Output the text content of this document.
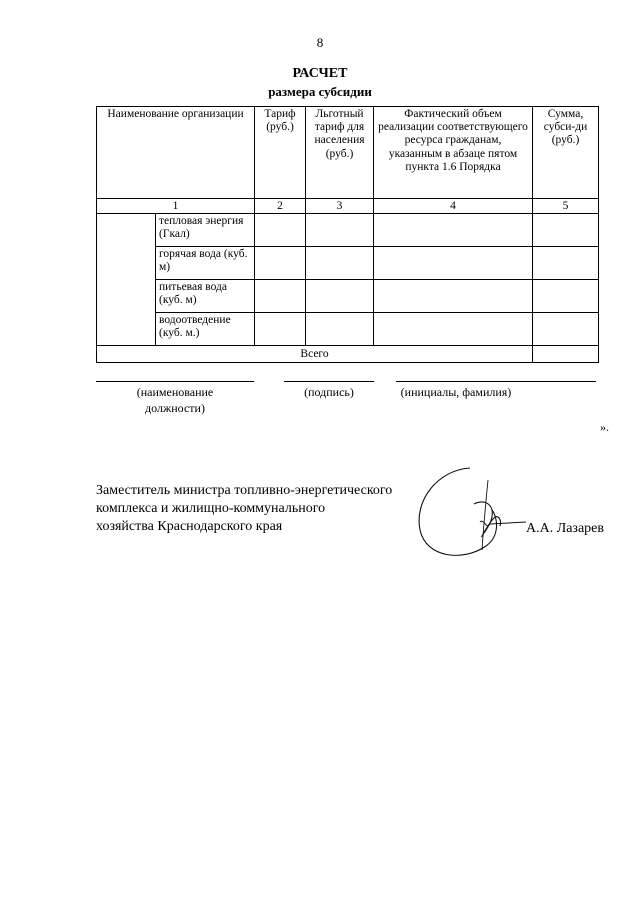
8
РАСЧЕТ
размера субсидии
Наименование организации		Тариф (руб.)	Льготный тариф для населения (руб.)	Фактический объем реализации соответствующего ресурса гражданам, указанным в абзаце пятом пункта 1.6 Порядка	Сумма, субси-ди (руб.)
1		2	3	4	5
	тепловая энергия (Гкал)				
	горячая вода (куб. м)				
	питьевая вода (куб. м)				
	водоотведение (куб. м.)				
Всего					
(наименование должности)
(подпись)	(инициалы, фамилия)
».
Заместитель министра топливно-энергетического
комплекса и жилищно-коммунального
хозяйства Краснодарского края	А.А. Лазарев
